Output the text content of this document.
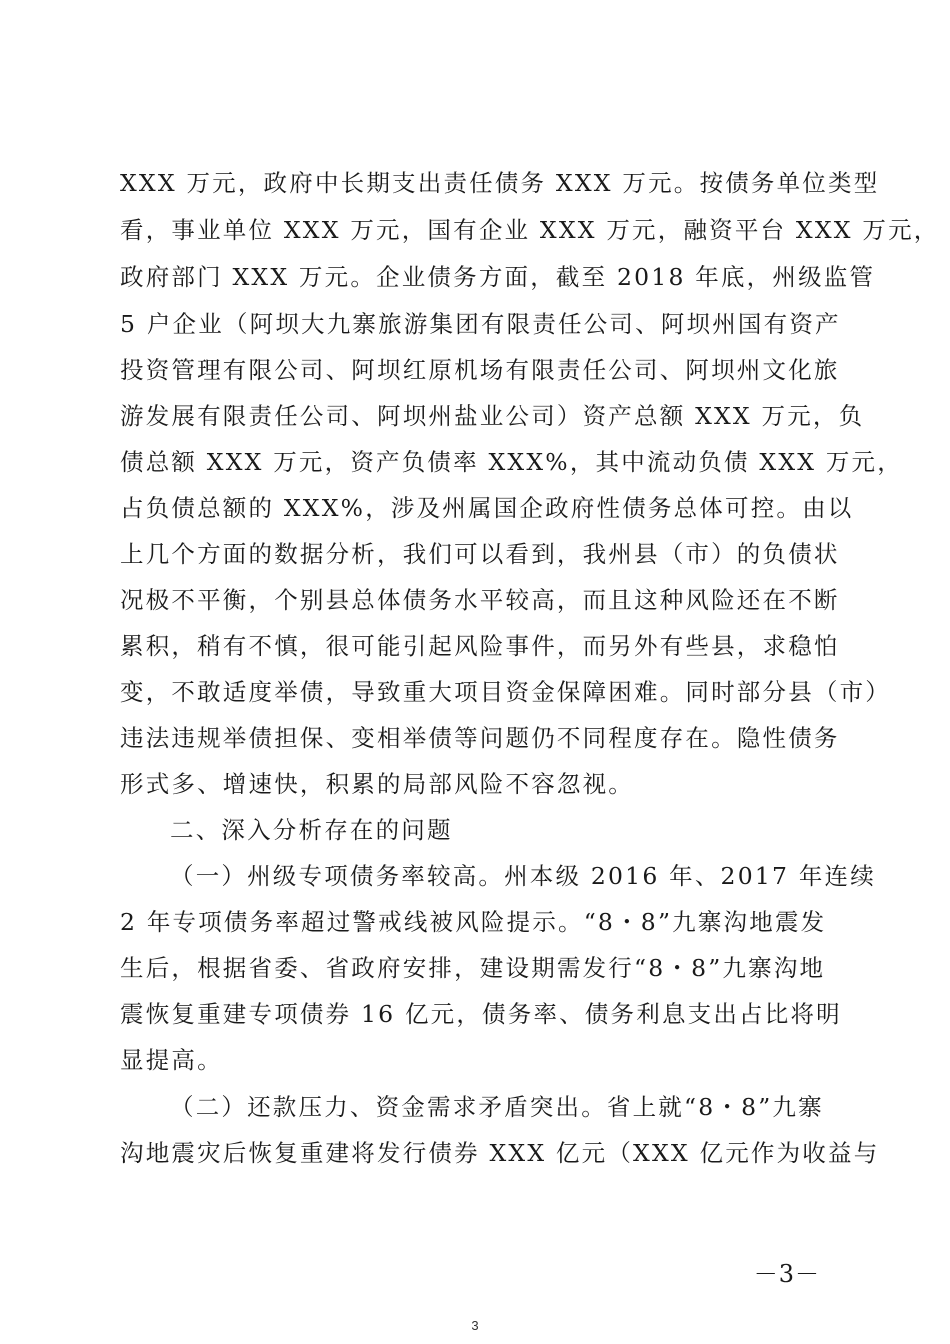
XXX 万元，政府中长期支出责任债务 XXX 万元。按债务单位类型
看，事业单位 XXX 万元，国有企业 XXX 万元，融资平台 XXX 万元，
政府部门 XXX 万元。企业债务方面，截至 2018 年底，州级监管
5 户企业（阿坝大九寨旅游集团有限责任公司、阿坝州国有资产
投资管理有限公司、阿坝红原机场有限责任公司、阿坝州文化旅
游发展有限责任公司、阿坝州盐业公司）资产总额 XXX 万元，负
债总额 XXX 万元，资产负债率 XXX%，其中流动负债 XXX 万元，
占负债总额的 XXX%，涉及州属国企政府性债务总体可控。由以
上几个方面的数据分析，我们可以看到，我州县（市）的负债状
况极不平衡，个别县总体债务水平较高，而且这种风险还在不断
累积，稍有不慎，很可能引起风险事件，而另外有些县，求稳怕
变，不敢适度举债，导致重大项目资金保障困难。同时部分县（市）
违法违规举债担保、变相举债等问题仍不同程度存在。隐性债务
形式多、增速快，积累的局部风险不容忽视。
二、深入分析存在的问题
（一）州级专项债务率较高。州本级 2016 年、2017 年连续
2 年专项债务率超过警戒线被风险提示。“8・8”九寨沟地震发
生后，根据省委、省政府安排，建设期需发行“8・8”九寨沟地
震恢复重建专项债券 16 亿元，债务率、债务利息支出占比将明
显提高。
（二）还款压力、资金需求矛盾突出。省上就“8・8”九寨
沟地震灾后恢复重建将发行债券 XXX 亿元（XXX 亿元作为收益与
－3－
3
